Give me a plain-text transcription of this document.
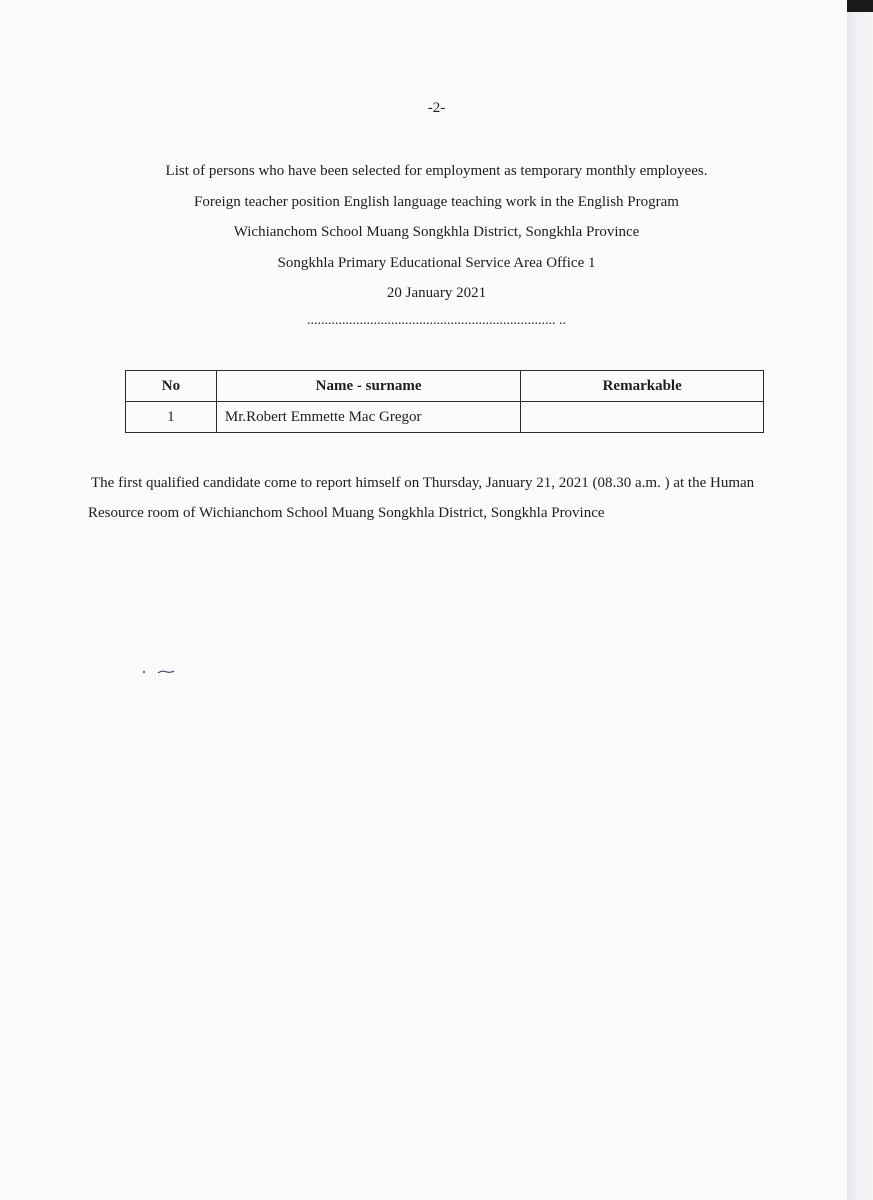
-2-
List of persons who have been selected for employment as temporary monthly employees.
Foreign teacher position English language teaching work in the English Program
Wichianchom School Muang Songkhla District, Songkhla Province
Songkhla Primary Educational Service Area Office 1
20 January 2021
....................................................................... ..
No	Name - surname	Remarkable
1	Mr.Robert Emmette Mac Gregor	
The first qualified candidate come to report himself on Thursday, January 21, 2021 (08.30 a.m. ) at the Human
Resource room of Wichianchom School Muang Songkhla District, Songkhla Province
